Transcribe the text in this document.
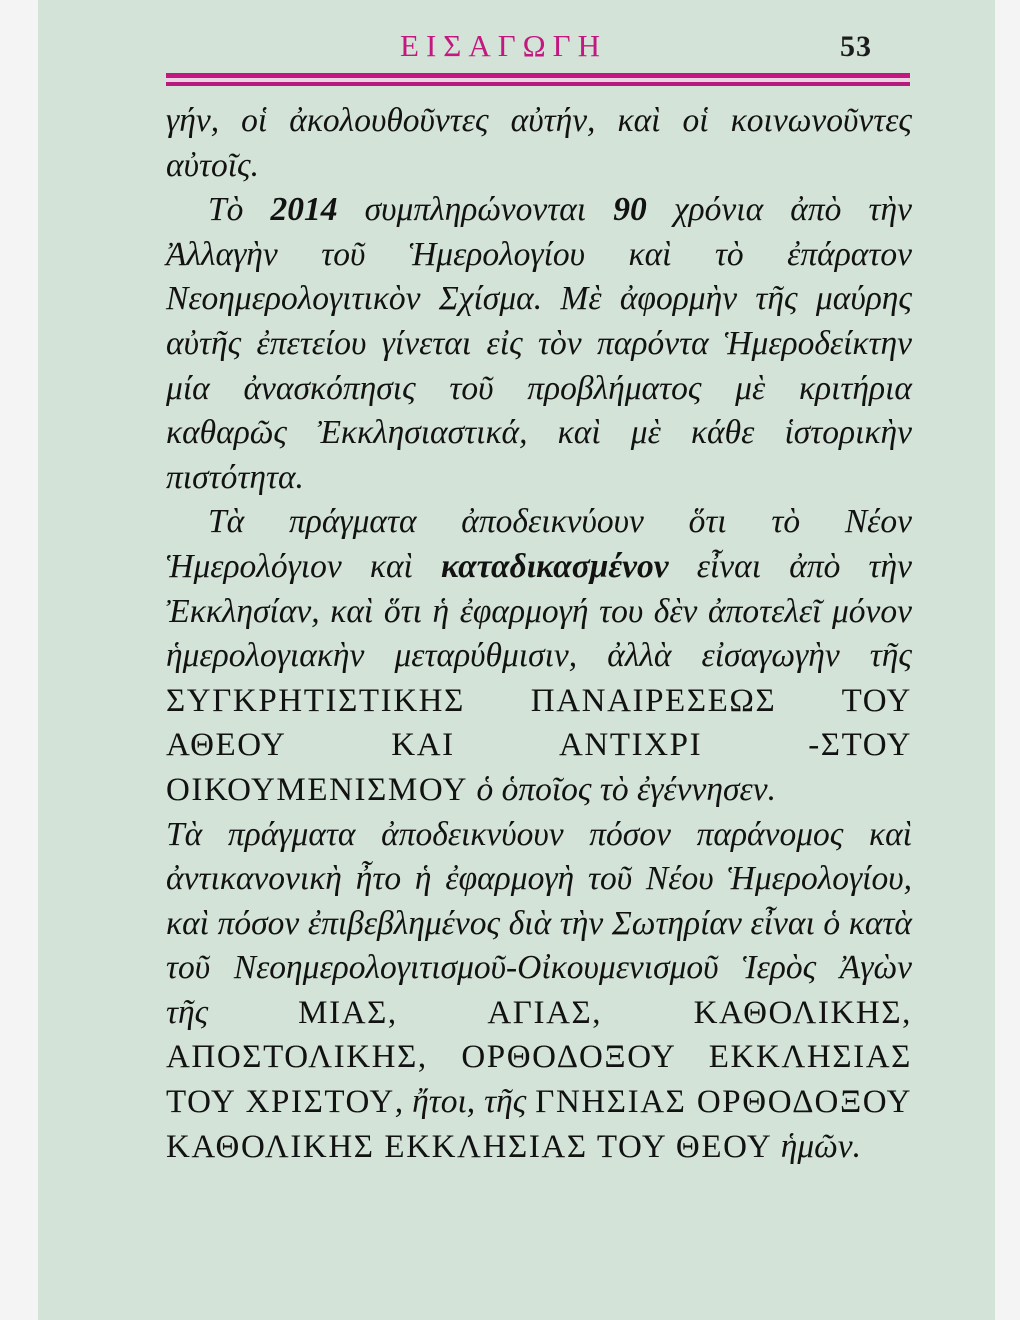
ΕΙΣΑΓΩΓΗ	53

γήν, οἱ ἀκολουθοῦντες αὐτήν, καὶ οἱ κοινωνοῦντες αὐτοῖς.

Τὸ 2014 συμπληρώνονται 90 χρόνια ἀπὸ τὴν Ἀλλαγὴν τοῦ Ἡμερολογίου καὶ τὸ ἐπάρατον Νεοημερολογιτικὸν Σχίσμα. Μὲ ἀφορμὴν τῆς μαύρης αὐτῆς ἐπετείου γίνεται εἰς τὸν παρόντα Ἡμεροδείκτην μία ἀνασκόπησις τοῦ προβλήματος μὲ κριτήρια καθαρῶς Ἐκκλησιαστικά, καὶ μὲ κάθε ἱστορικὴν πιστότητα.

Τὰ πράγματα ἀποδεικνύουν ὅτι τὸ Νέον Ἡμερολόγιον καὶ καταδικασμένον εἶναι ἀπὸ τὴν Ἐκκλησίαν, καὶ ὅτι ἡ ἐφαρμογή του δὲν ἀποτελεῖ μόνον ἡμερολογιακὴν μεταρύθμισιν, ἀλλὰ εἰσαγωγὴν τῆς ΣΥΓΚΡΗΤΙΣΤΙΚΗΣ ΠΑΝΑΙΡΕΣΕΩΣ ΤΟΥ ΑΘΕΟΥ ΚΑΙ ΑΝΤΙΧΡΙ -ΣΤΟΥ ΟΙΚΟΥΜΕΝΙΣΜΟΥ ὁ ὁποῖος τὸ ἐγέννησεν.

Τὰ πράγματα ἀποδεικνύουν πόσον παράνομος καὶ ἀντικανονικὴ ἦτο ἡ ἐφαρμογὴ τοῦ Νέου Ἡμερολογίου, καὶ πόσον ἐπιβεβλημένος διὰ τὴν Σωτηρίαν εἶναι ὁ κατὰ τοῦ Νεοημερολογιτισμοῦ-Οἰκουμενισμοῦ Ἱερὸς Ἀγὼν τῆς ΜΙΑΣ, ΑΓΙΑΣ, ΚΑΘΟΛΙΚΗΣ, ΑΠΟΣΤΟΛΙΚΗΣ, ΟΡΘΟΔΟΞΟΥ ΕΚΚΛΗΣΙΑΣ ΤΟΥ ΧΡΙΣΤΟΥ, ἤτοι, τῆς ΓΝΗΣΙΑΣ ΟΡΘΟΔΟΞΟΥ ΚΑΘΟΛΙΚΗΣ ΕΚΚΛΗΣΙΑΣ ΤΟΥ ΘΕΟΥ ἡμῶν.
